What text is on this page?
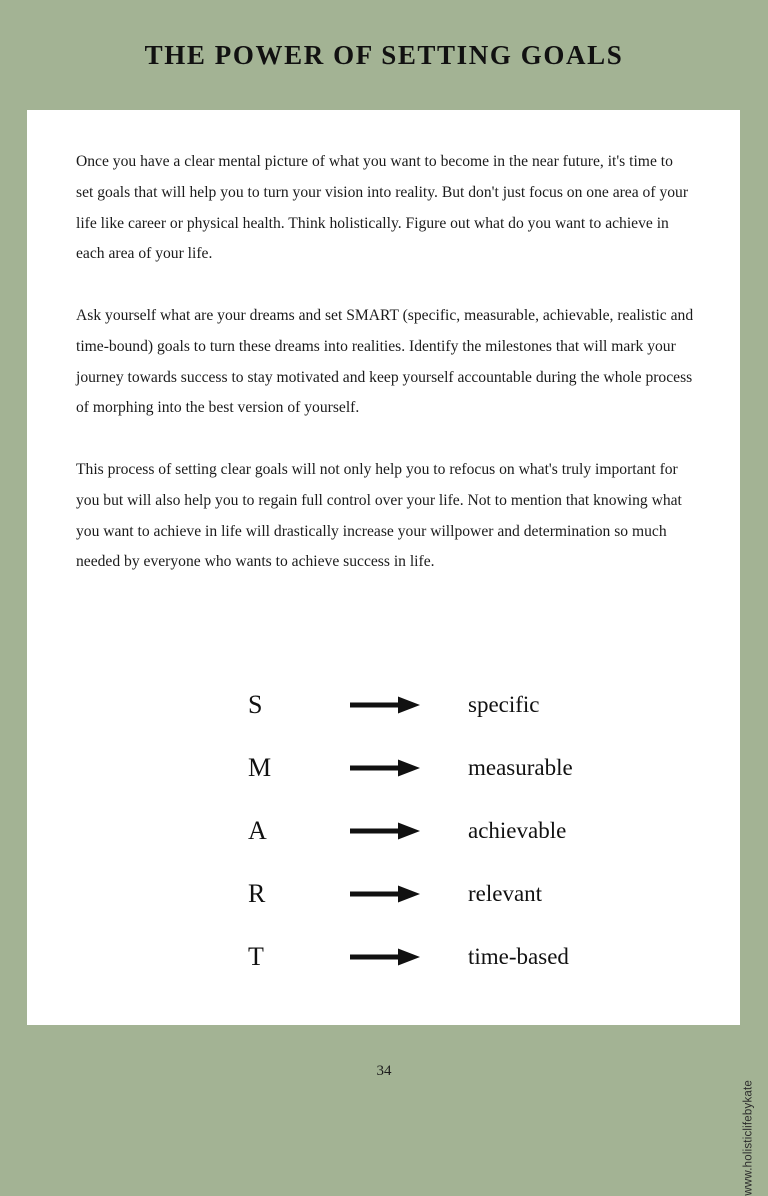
THE POWER OF SETTING GOALS

Once you have a clear mental picture of what you want to become in the near future, it's time to set goals that will help you to turn your vision into reality. But don't just focus on one area of your life like career or physical health. Think holistically. Figure out what do you want to achieve in each area of your life.

Ask yourself what are your dreams and set SMART (specific, measurable, achievable, realistic and time-bound) goals to turn these dreams into realities. Identify the milestones that will mark your journey towards success to stay motivated and keep yourself accountable during the whole process of morphing into the best version of yourself.

This process of setting clear goals will not only help you to refocus on what's truly important for you but will also help you to regain full control over your life. Not to mention that knowing what you want to achieve in life will drastically increase your willpower and determination so much needed by everyone who wants to achieve success in life.

S	specific
M	measurable
A	achievable
R	relevant
T	time-based
34
www.holisticlifebykate
